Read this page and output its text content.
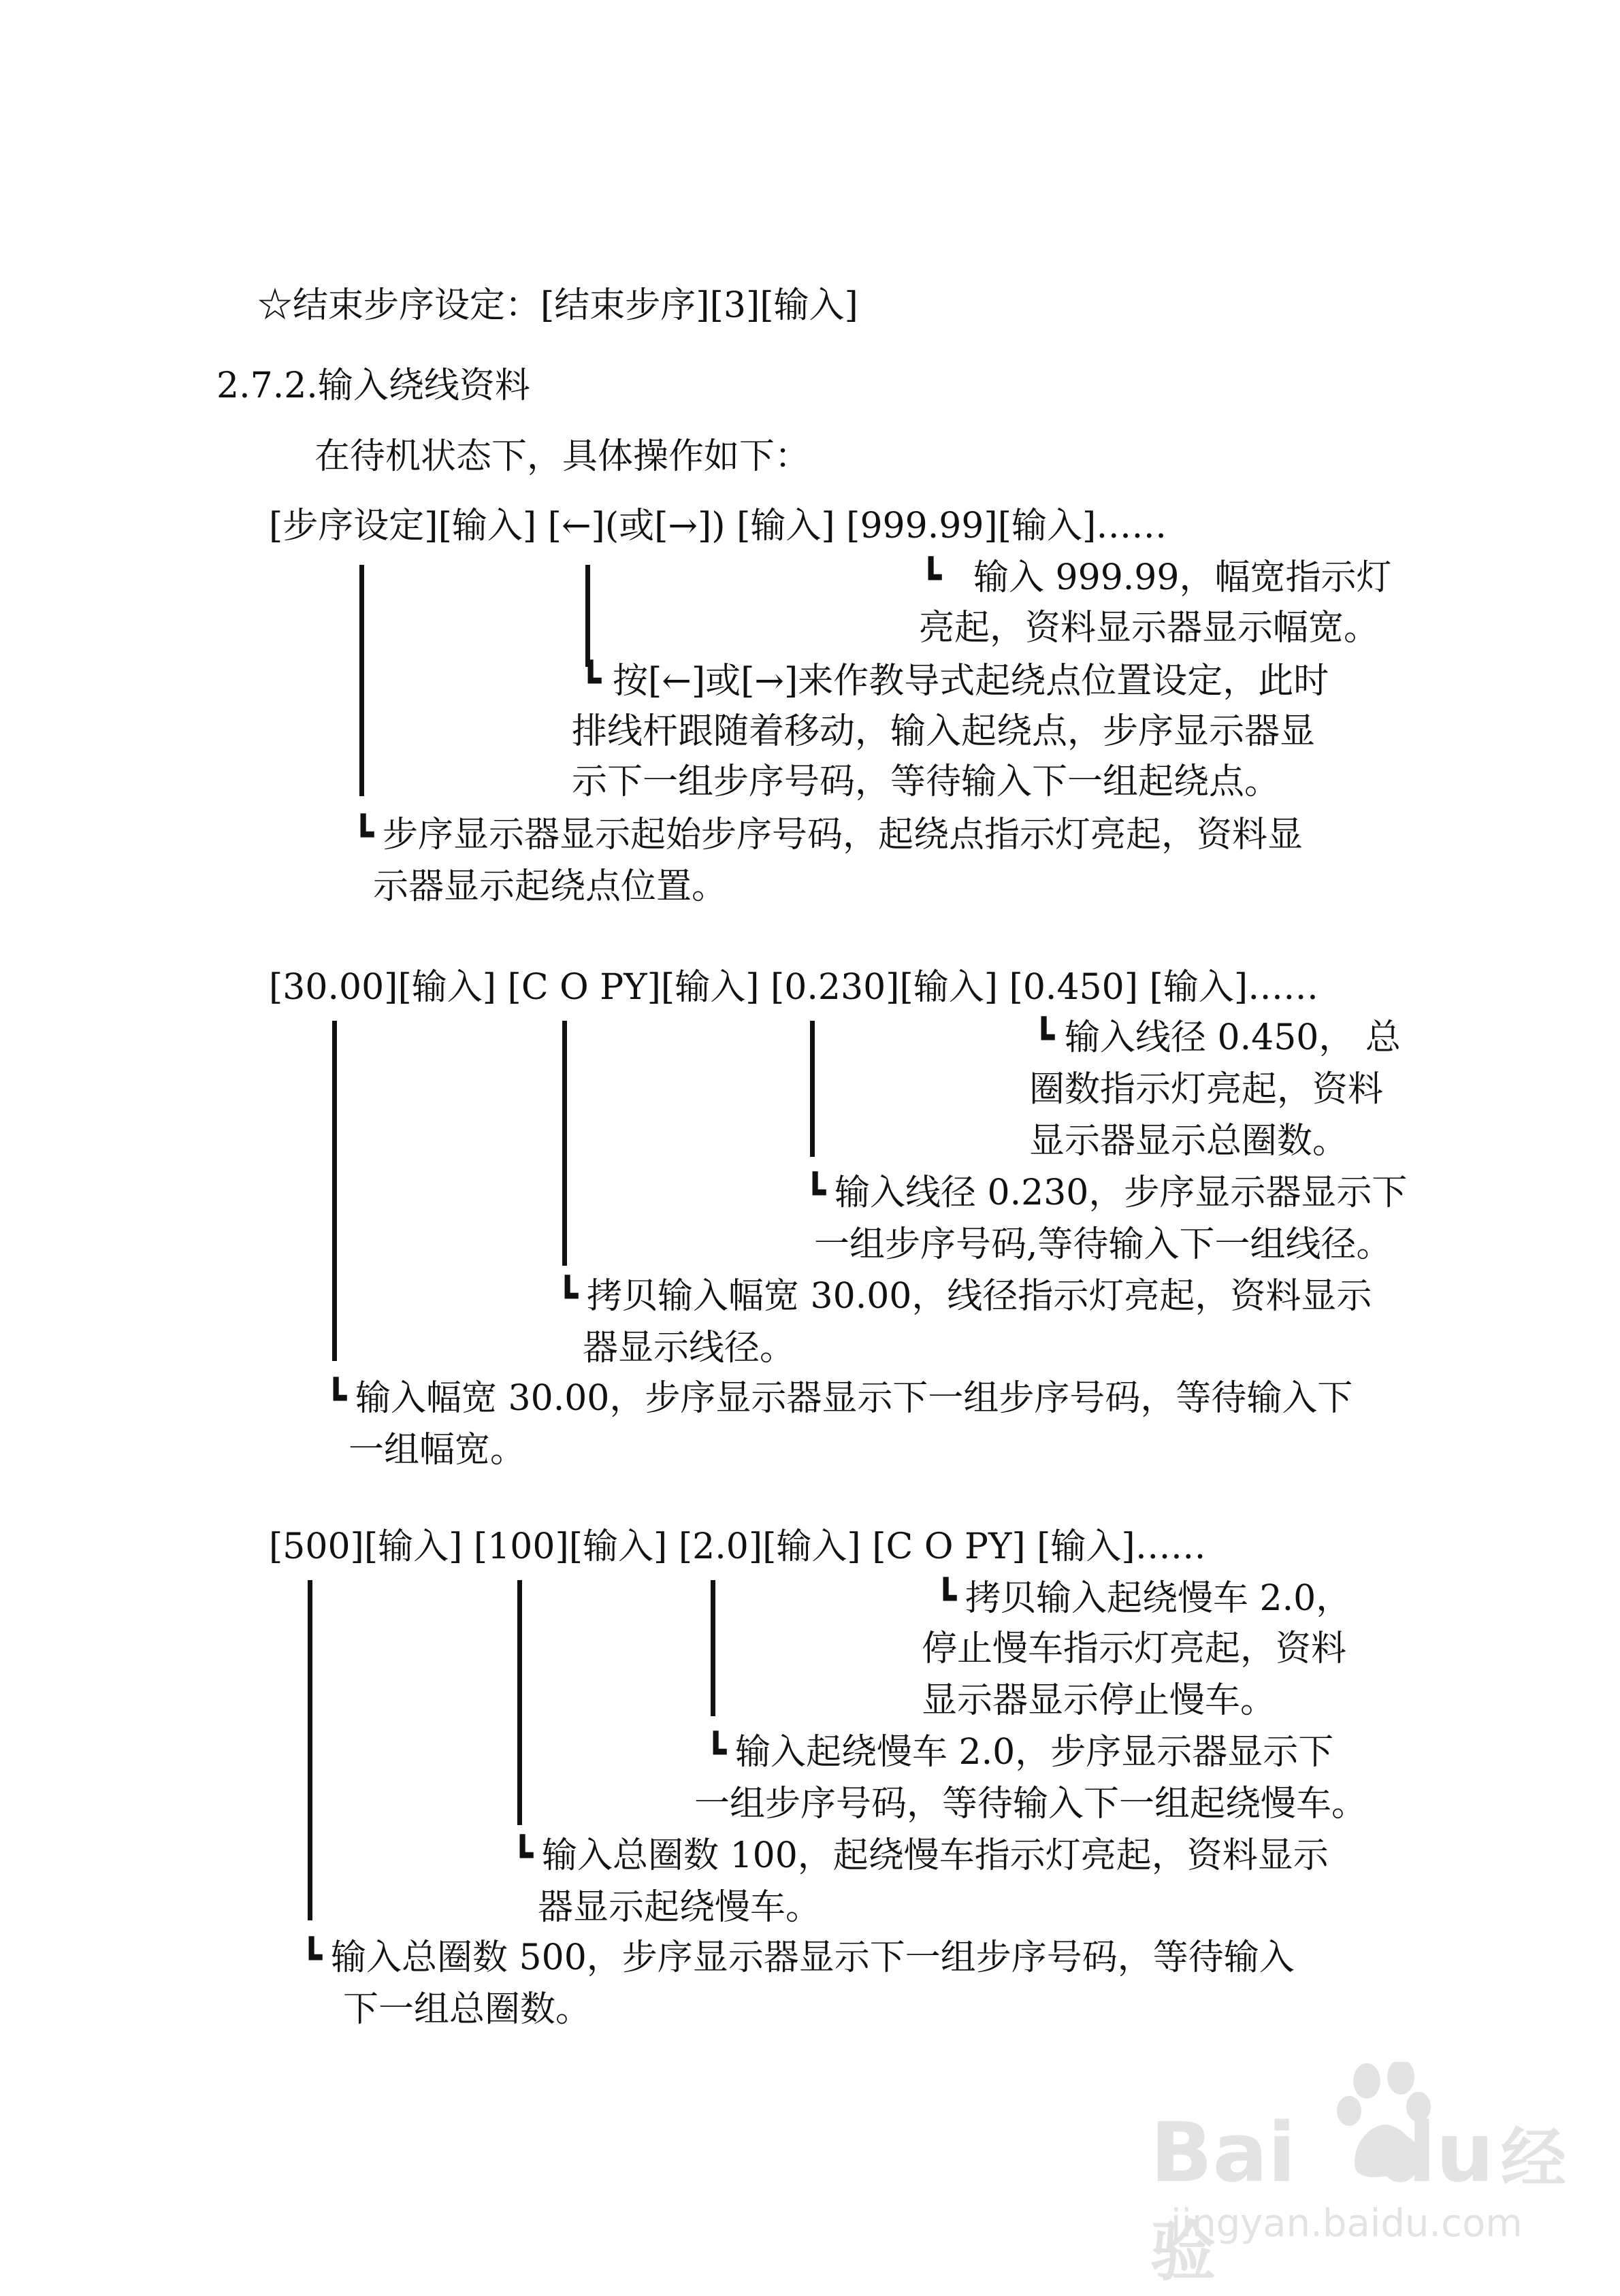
☆结束步序设定：[结束步序][3][输入]
2.7.2.输入绕线资料
在待机状态下，具体操作如下：
[步序设定][输入] [←](或[→]) [输入] [999.99][输入]……
┗ 输入 999.99，幅宽指示灯
亮起，资料显示器显示幅宽。
┗ 按[←]或[→]来作教导式起绕点位置设定，此时
排线杆跟随着移动，输入起绕点，步序显示器显
示下一组步序号码，等待输入下一组起绕点。
┗ 步序显示器显示起始步序号码，起绕点指示灯亮起，资料显
示器显示起绕点位置。
[30.00][输入] [C O PY][输入] [0.230][输入] [0.450] [输入]……
┗ 输入线径 0.450， 总
圈数指示灯亮起，资料
显示器显示总圈数。
┗ 输入线径 0.230，步序显示器显示下
一组步序号码,等待输入下一组线径。
┗ 拷贝输入幅宽 30.00，线径指示灯亮起，资料显示
器显示线径。
┗ 输入幅宽 30.00，步序显示器显示下一组步序号码，等待输入下
一组幅宽。
[500][输入] [100][输入] [2.0][输入] [C O PY] [输入]……
┗ 拷贝输入起绕慢车 2.0，
停止慢车指示灯亮起，资料
显示器显示停止慢车。
┗ 输入起绕慢车 2.0，步序显示器显示下
一组步序号码，等待输入下一组起绕慢车。
┗ 输入总圈数 100，起绕慢车指示灯亮起，资料显示
器显示起绕慢车。
┗ 输入总圈数 500，步序显示器显示下一组步序号码，等待输入
下一组总圈数。
Bai du 经验
jingyan.baidu.com
